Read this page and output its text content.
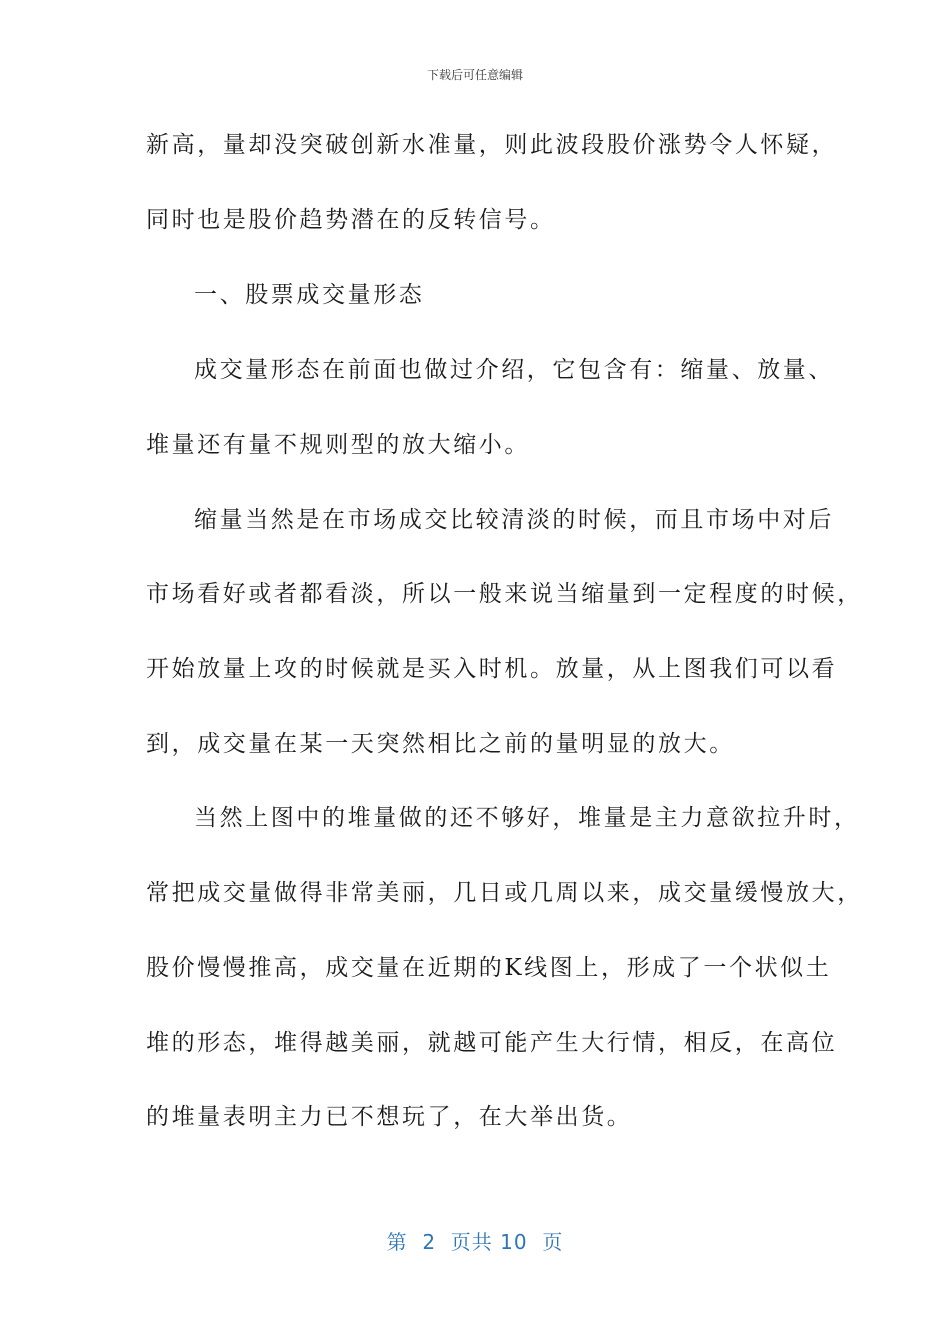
下载后可任意编辑
新高，量却没突破创新水准量，则此波段股价涨势令人怀疑，
同时也是股价趋势潜在的反转信号。
一、股票成交量形态
成交量形态在前面也做过介绍，它包含有：缩量、放量、
堆量还有量不规则型的放大缩小。
缩量当然是在市场成交比较清淡的时候，而且市场中对后
市场看好或者都看淡，所以一般来说当缩量到一定程度的时候，
开始放量上攻的时候就是买入时机。放量，从上图我们可以看
到，成交量在某一天突然相比之前的量明显的放大。
当然上图中的堆量做的还不够好，堆量是主力意欲拉升时，
常把成交量做得非常美丽，几日或几周以来，成交量缓慢放大，
股价慢慢推高，成交量在近期的K线图上，形成了一个状似土
堆的形态，堆得越美丽，就越可能产生大行情，相反，在高位
的堆量表明主力已不想玩了，在大举出货。
第  2  页共 10  页
